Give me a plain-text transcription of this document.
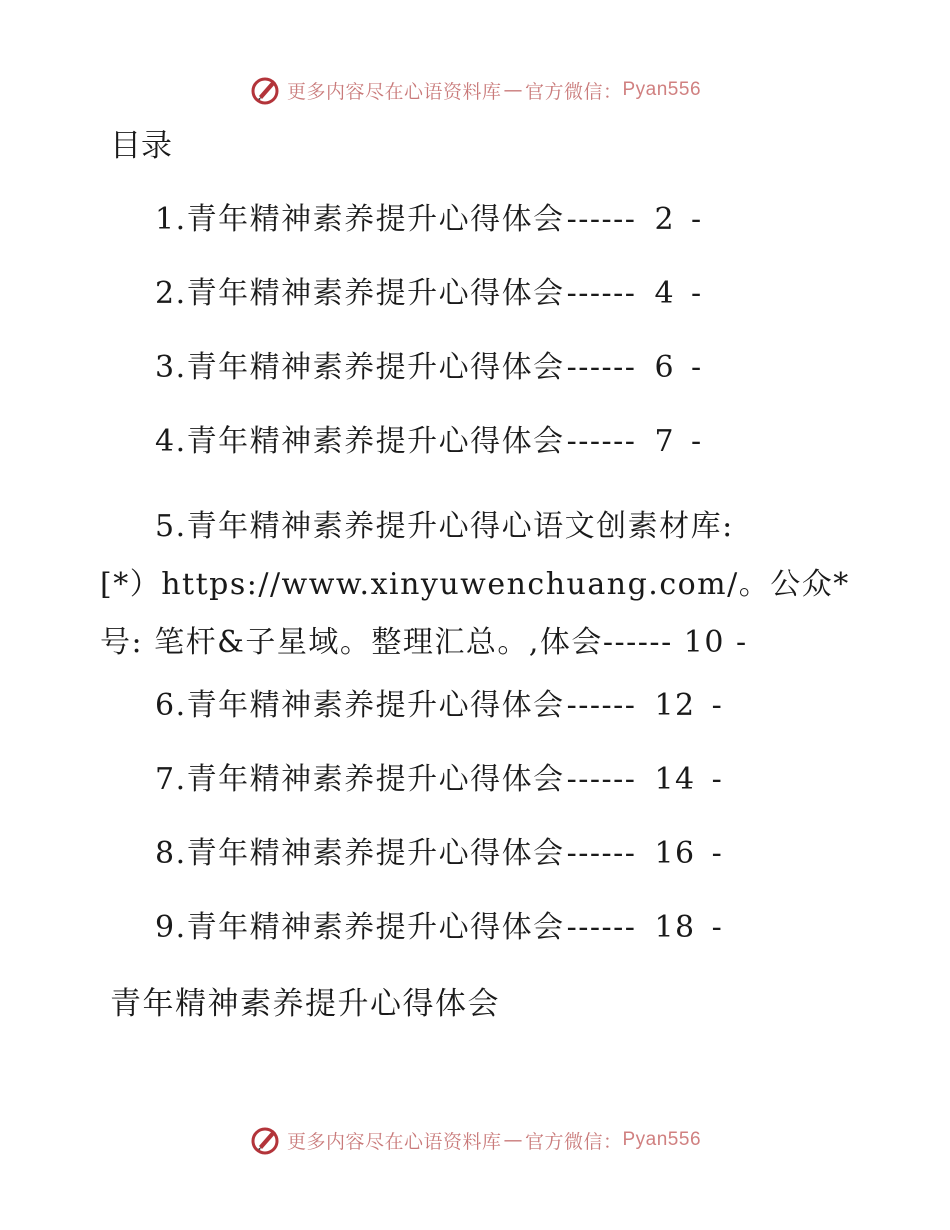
更多内容尽在心语资料库 — 官方微信： Pyan556
目录
1.青年精神素养提升心得体会------ 2 -
2.青年精神素养提升心得体会------ 4 -
3.青年精神素养提升心得体会------ 6 -
4.青年精神素养提升心得体会------ 7 -
5.青年精神素养提升心得心语文创素材库:
[*）https://www.xinyuwenchuang.com/。公众*
号: 笔杆&子星域。整理汇总。,体会------ 10 -
6.青年精神素养提升心得体会------ 12 -
7.青年精神素养提升心得体会------ 14 -
8.青年精神素养提升心得体会------ 16 -
9.青年精神素养提升心得体会------ 18 -
青年精神素养提升心得体会
更多内容尽在心语资料库 — 官方微信： Pyan556
